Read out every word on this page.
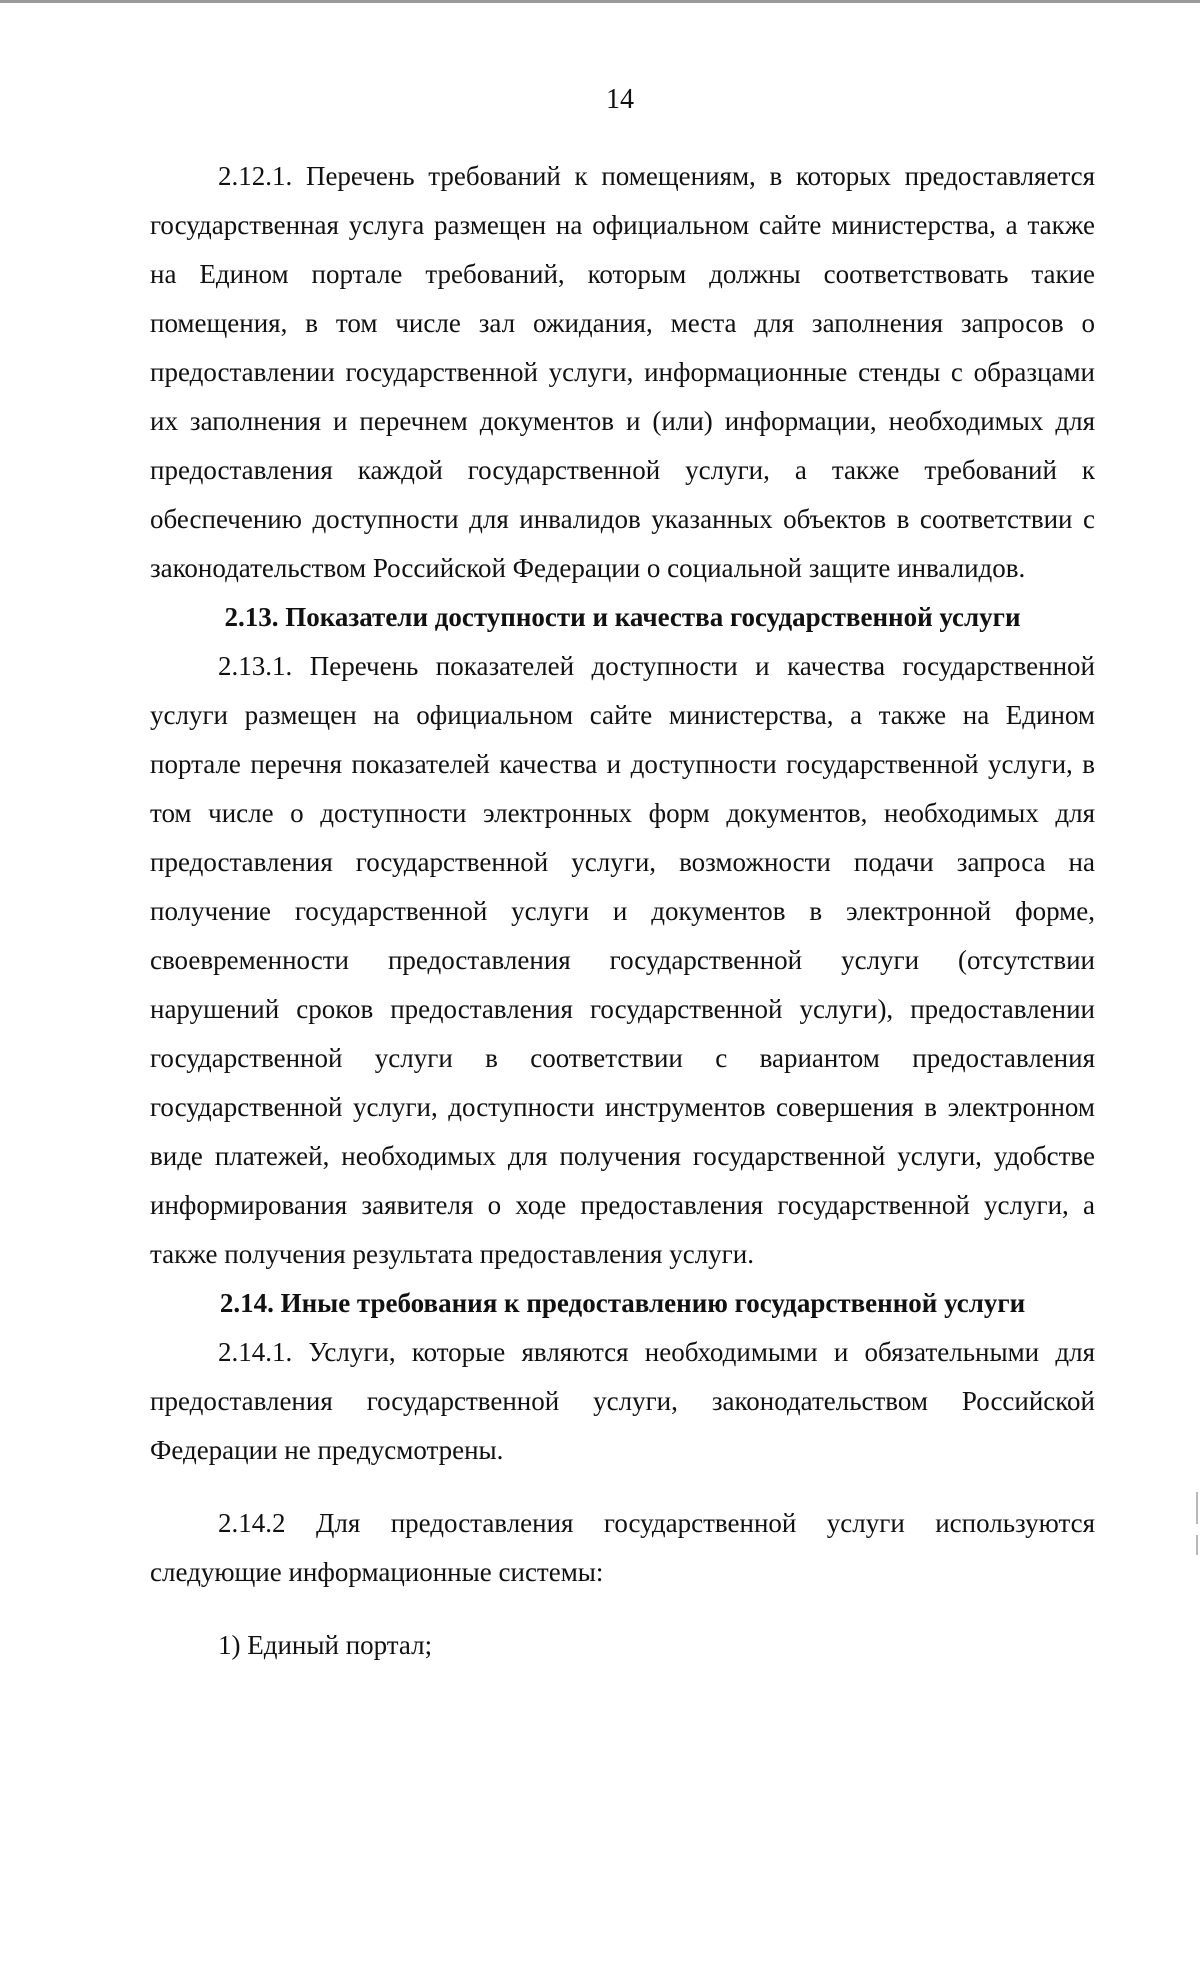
14

2.12.1. Перечень требований к помещениям, в которых предоставляется государственная услуга размещен на официальном сайте министерства, а также на Едином портале требований, которым должны соответствовать такие помещения, в том числе зал ожидания, места для заполнения запросов о предоставлении государственной услуги, информационные стенды с образцами их заполнения и перечнем документов и (или) информации, необходимых для предоставления каждой государственной услуги, а также требований к обеспечению доступности для инвалидов указанных объектов в соответствии с законодательством Российской Федерации о социальной защите инвалидов.

2.13. Показатели доступности и качества государственной услуги

2.13.1. Перечень показателей доступности и качества государственной услуги размещен на официальном сайте министерства, а также на Едином портале перечня показателей качества и доступности государственной услуги, в том числе о доступности электронных форм документов, необходимых для предоставления государственной услуги, возможности подачи запроса на получение государственной услуги и документов в электронной форме, своевременности предоставления государственной услуги (отсутствии нарушений сроков предоставления государственной услуги), предоставлении государственной услуги в соответствии с вариантом предоставления государственной услуги, доступности инструментов совершения в электронном виде платежей, необходимых для получения государственной услуги, удобстве информирования заявителя о ходе предоставления государственной услуги, а также получения результата предоставления услуги.

2.14. Иные требования к предоставлению государственной услуги

2.14.1. Услуги, которые являются необходимыми и обязательными для предоставления государственной услуги, законодательством Российской Федерации не предусмотрены.

2.14.2 Для предоставления государственной услуги используются следующие информационные системы:

1) Единый портал;
